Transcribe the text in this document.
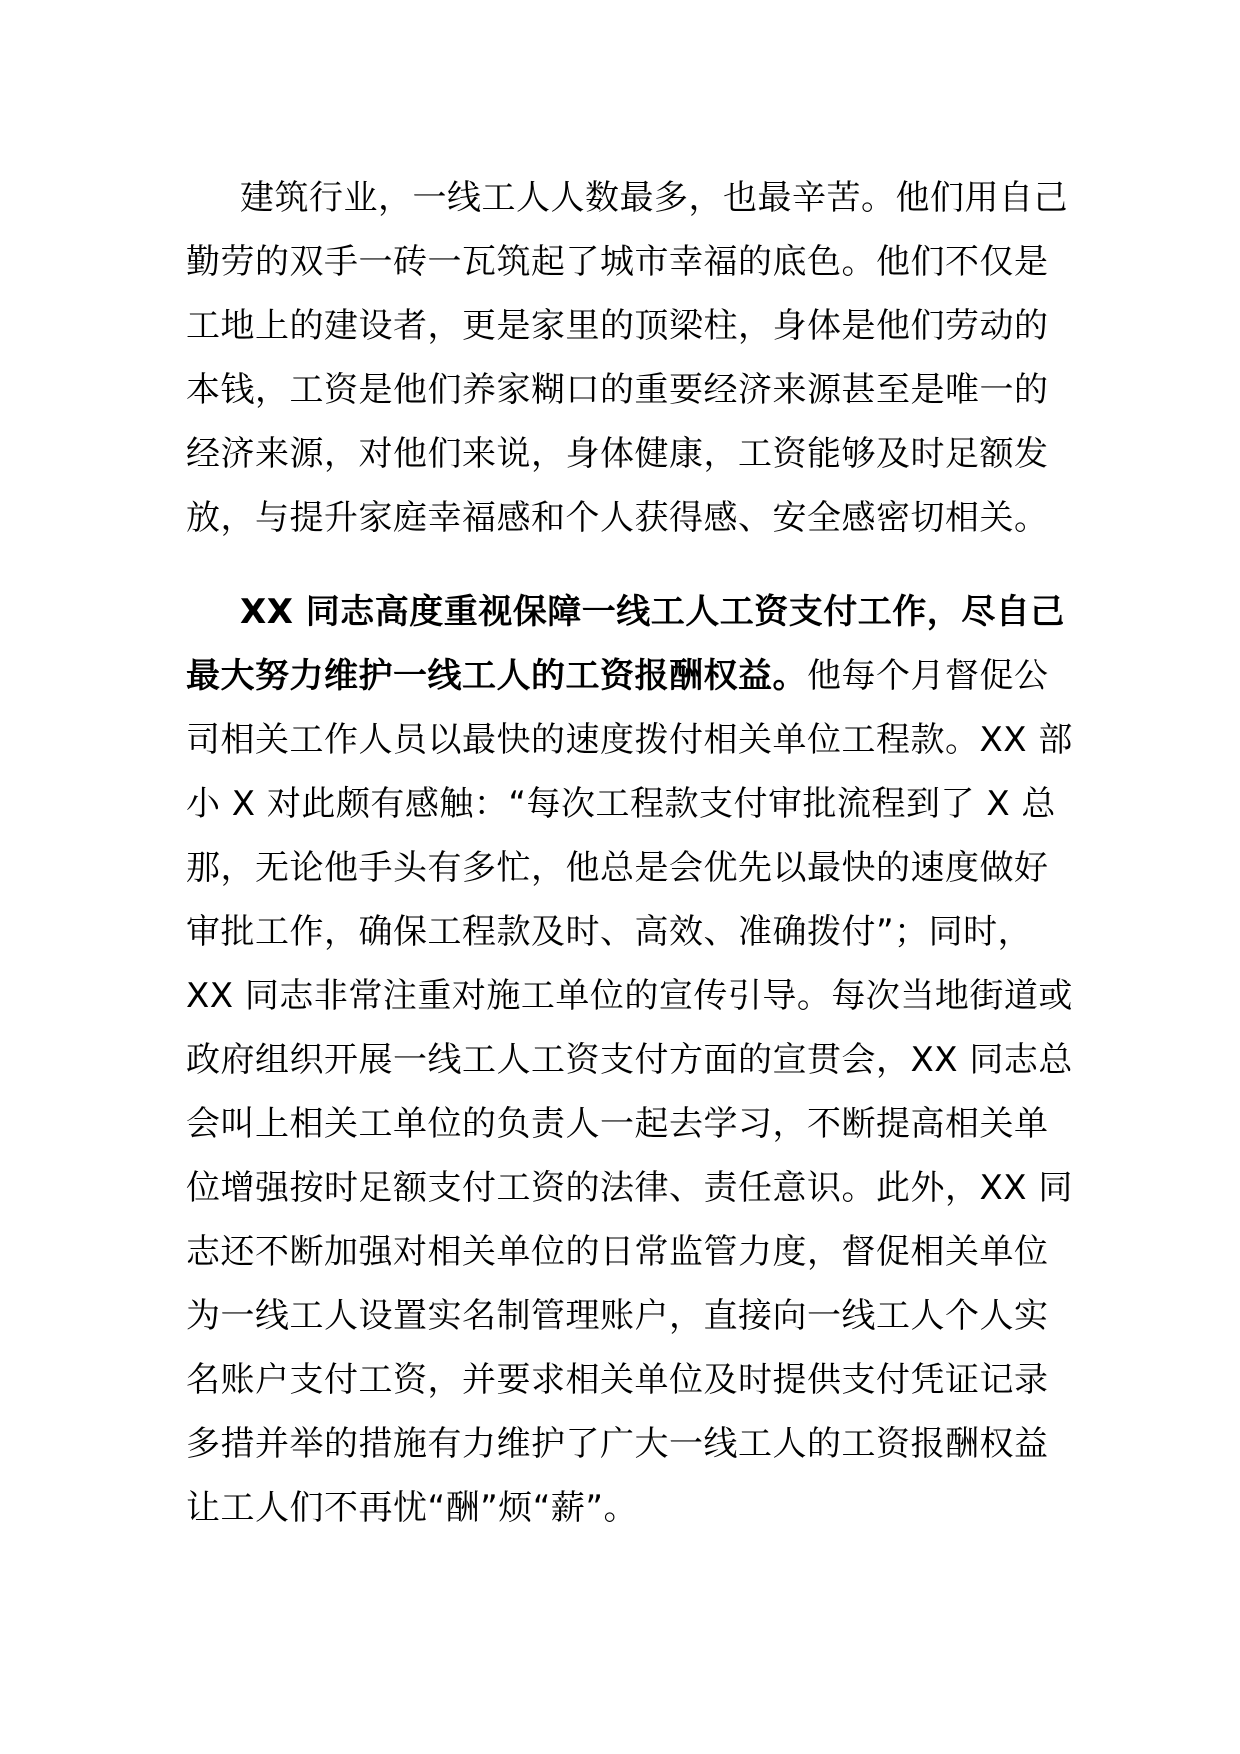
建筑行业，一线工人人数最多，也最辛苦。他们用自己
勤劳的双手一砖一瓦筑起了城市幸福的底色。他们不仅是
工地上的建设者，更是家里的顶梁柱，身体是他们劳动的
本钱，工资是他们养家糊口的重要经济来源甚至是唯一的
经济来源，对他们来说，身体健康，工资能够及时足额发
放，与提升家庭幸福感和个人获得感、安全感密切相关。
XX 同志高度重视保障一线工人工资支付工作，尽自己
最大努力维护一线工人的工资报酬权益。他每个月督促公
司相关工作人员以最快的速度拨付相关单位工程款。XX 部
小 X 对此颇有感触：“每次工程款支付审批流程到了 X 总
那，无论他手头有多忙，他总是会优先以最快的速度做好
审批工作，确保工程款及时、高效、准确拨付”；同时，
XX 同志非常注重对施工单位的宣传引导。每次当地街道或
政府组织开展一线工人工资支付方面的宣贯会，XX 同志总
会叫上相关工单位的负责人一起去学习，不断提高相关单
位增强按时足额支付工资的法律、责任意识。此外，XX 同
志还不断加强对相关单位的日常监管力度，督促相关单位
为一线工人设置实名制管理账户，直接向一线工人个人实
名账户支付工资，并要求相关单位及时提供支付凭证记录
多措并举的措施有力维护了广大一线工人的工资报酬权益
让工人们不再忧“酬”烦“薪”。
